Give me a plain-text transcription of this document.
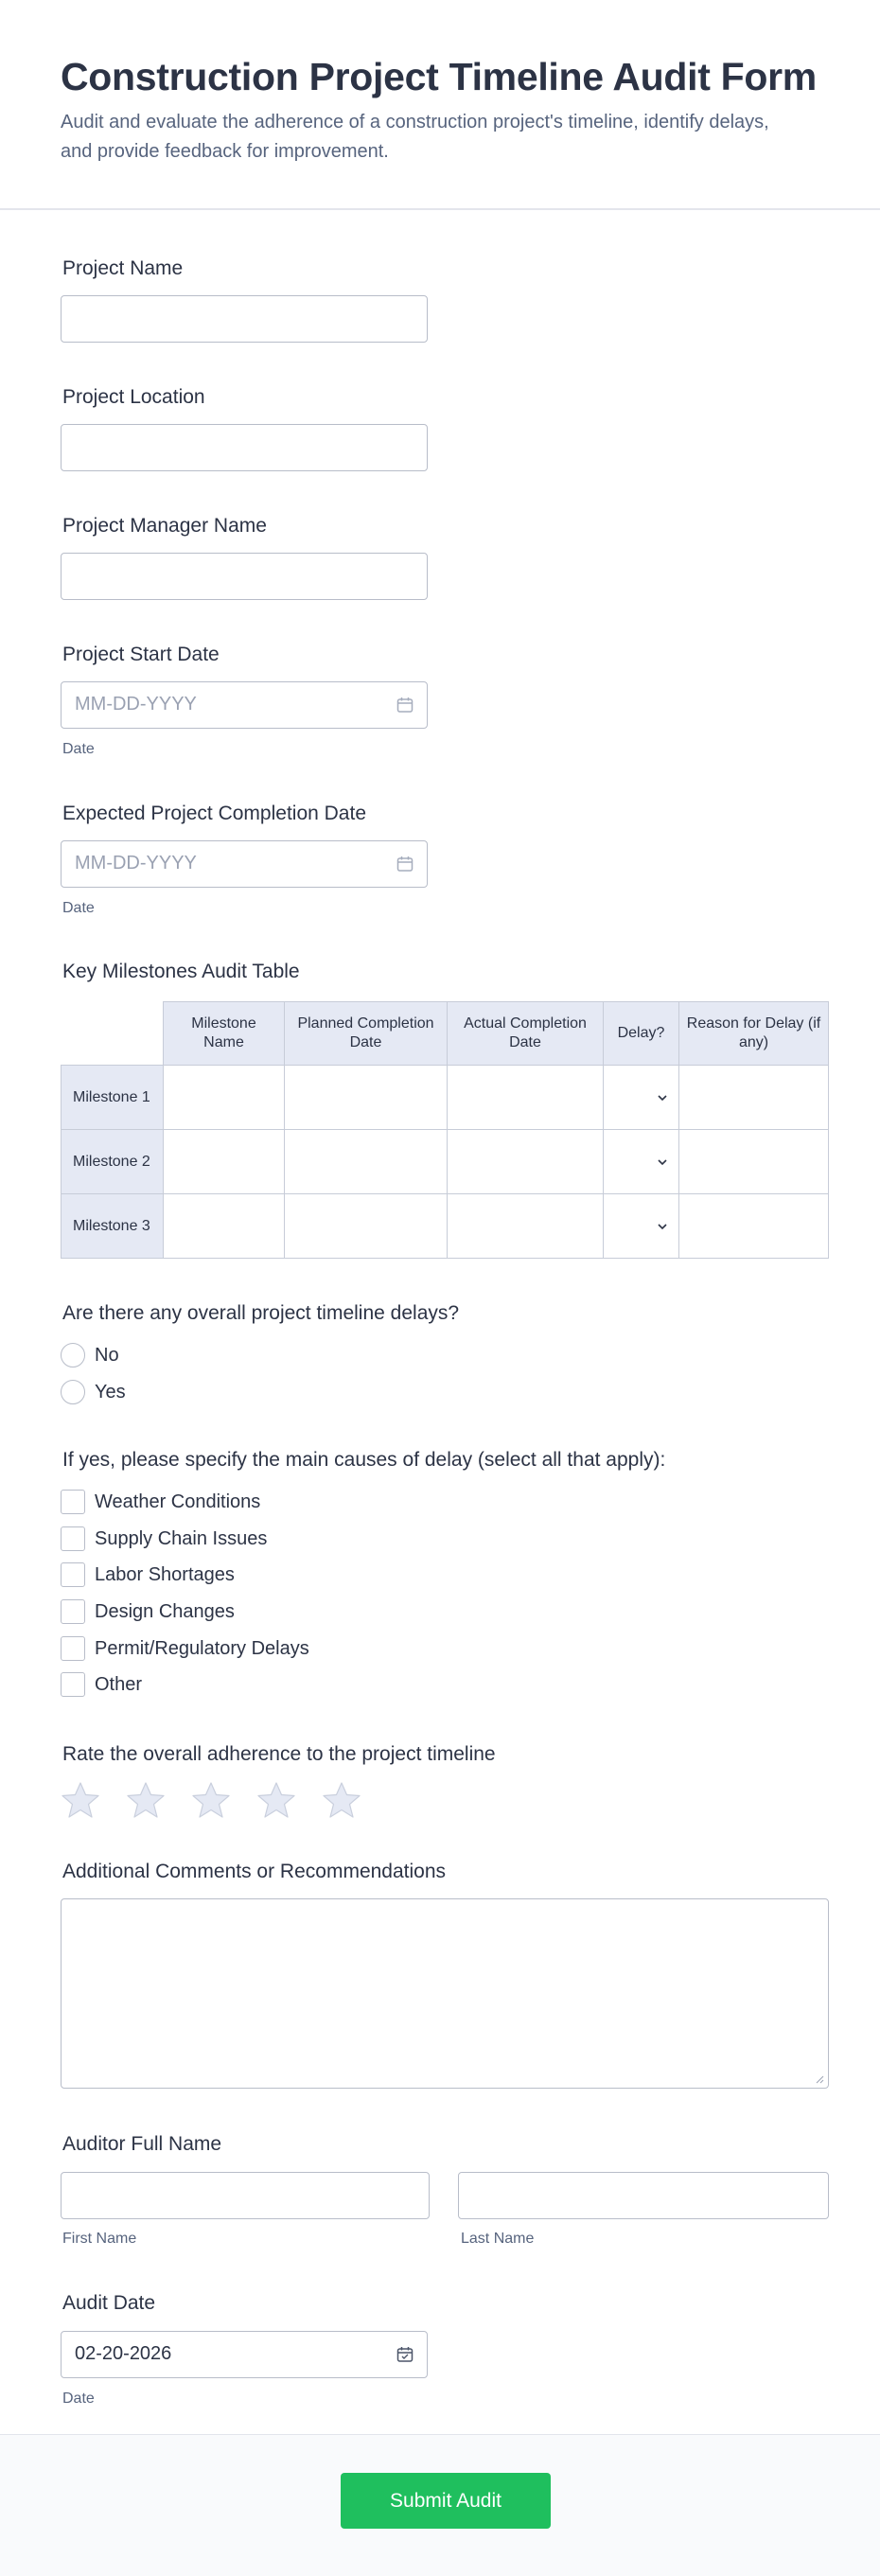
Construction Project Timeline Audit Form

Audit and evaluate the adherence of a construction project's timeline, identify delays, and provide feedback for improvement.

Project Name
Project Location
Project Manager Name
Project Start Date
MM-DD-YYYY
Date
Expected Project Completion Date
MM-DD-YYYY
Date
Key Milestones Audit Table
	Milestone Name	Planned Completion Date	Actual Completion Date	Delay?	Reason for Delay (if any)
Milestone 1				

Milestone 2				

Milestone 3				

Are there any overall project timeline delays?
No
Yes
If yes, please specify the main causes of delay (select all that apply):
Weather Conditions
Supply Chain Issues
Labor Shortages
Design Changes
Permit/Regulatory Delays
Other
Rate the overall adherence to the project timeline
Additional Comments or Recommendations
Auditor Full Name
First Name	Last Name
Audit Date
02-20-2026
Date
Submit Audit
